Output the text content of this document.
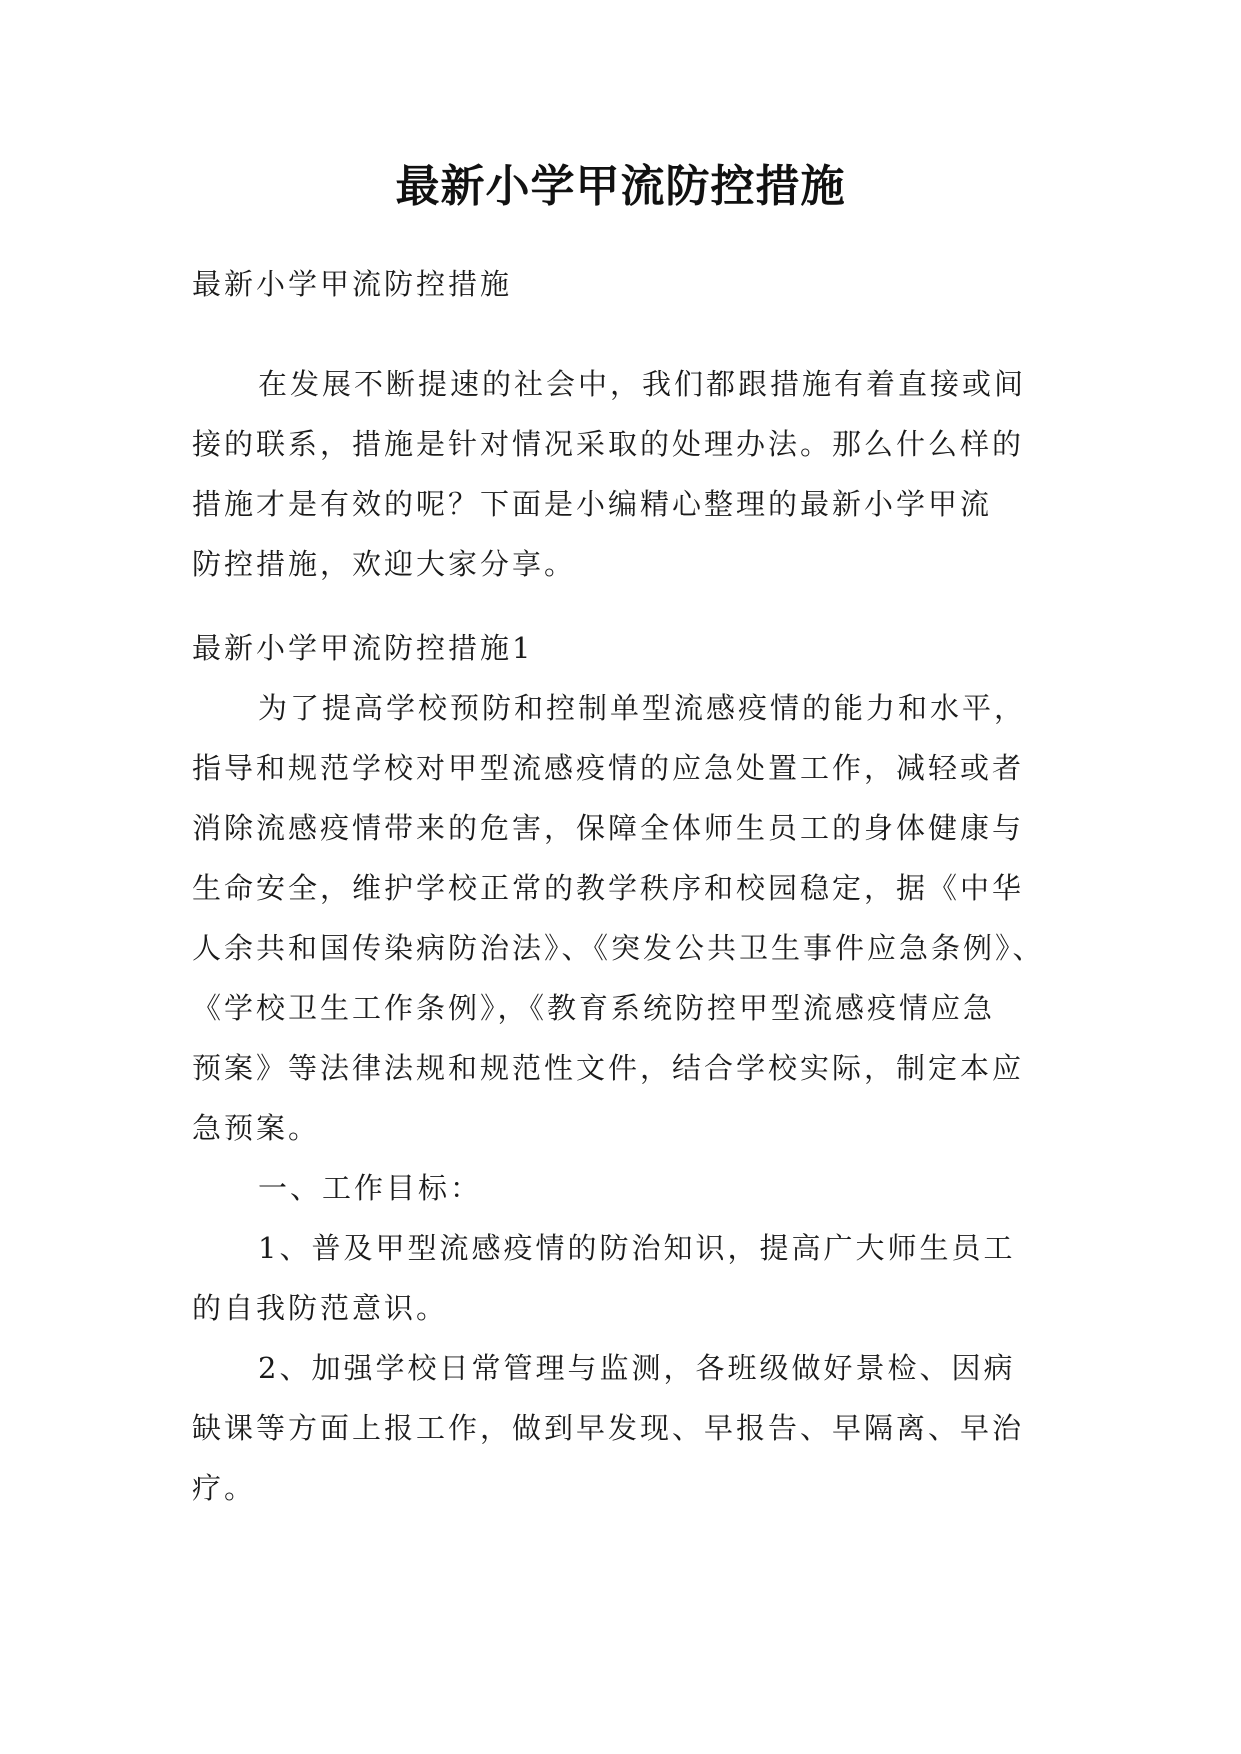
最新小学甲流防控措施
最新小学甲流防控措施
在发展不断提速的社会中，我们都跟措施有着直接或间
接的联系，措施是针对情况采取的处理办法。那么什么样的
措施才是有效的呢？下面是小编精心整理的最新小学甲流
防控措施，欢迎大家分享。
最新小学甲流防控措施1
为了提高学校预防和控制单型流感疫情的能力和水平，
指导和规范学校对甲型流感疫情的应急处置工作，减轻或者
消除流感疫情带来的危害，保障全体师生员工的身体健康与
生命安全，维护学校正常的教学秩序和校园稳定，据《中华
人余共和国传染病防治法》、《突发公共卫生事件应急条例》、
《学校卫生工作条例》，《教育系统防控甲型流感疫情应急
预案》等法律法规和规范性文件，结合学校实际，制定本应
急预案。
一、工作目标：
1、普及甲型流感疫情的防治知识，提高广大师生员工
的自我防范意识。
2、加强学校日常管理与监测，各班级做好景检、因病
缺课等方面上报工作，做到早发现、早报告、早隔离、早治
疗。
